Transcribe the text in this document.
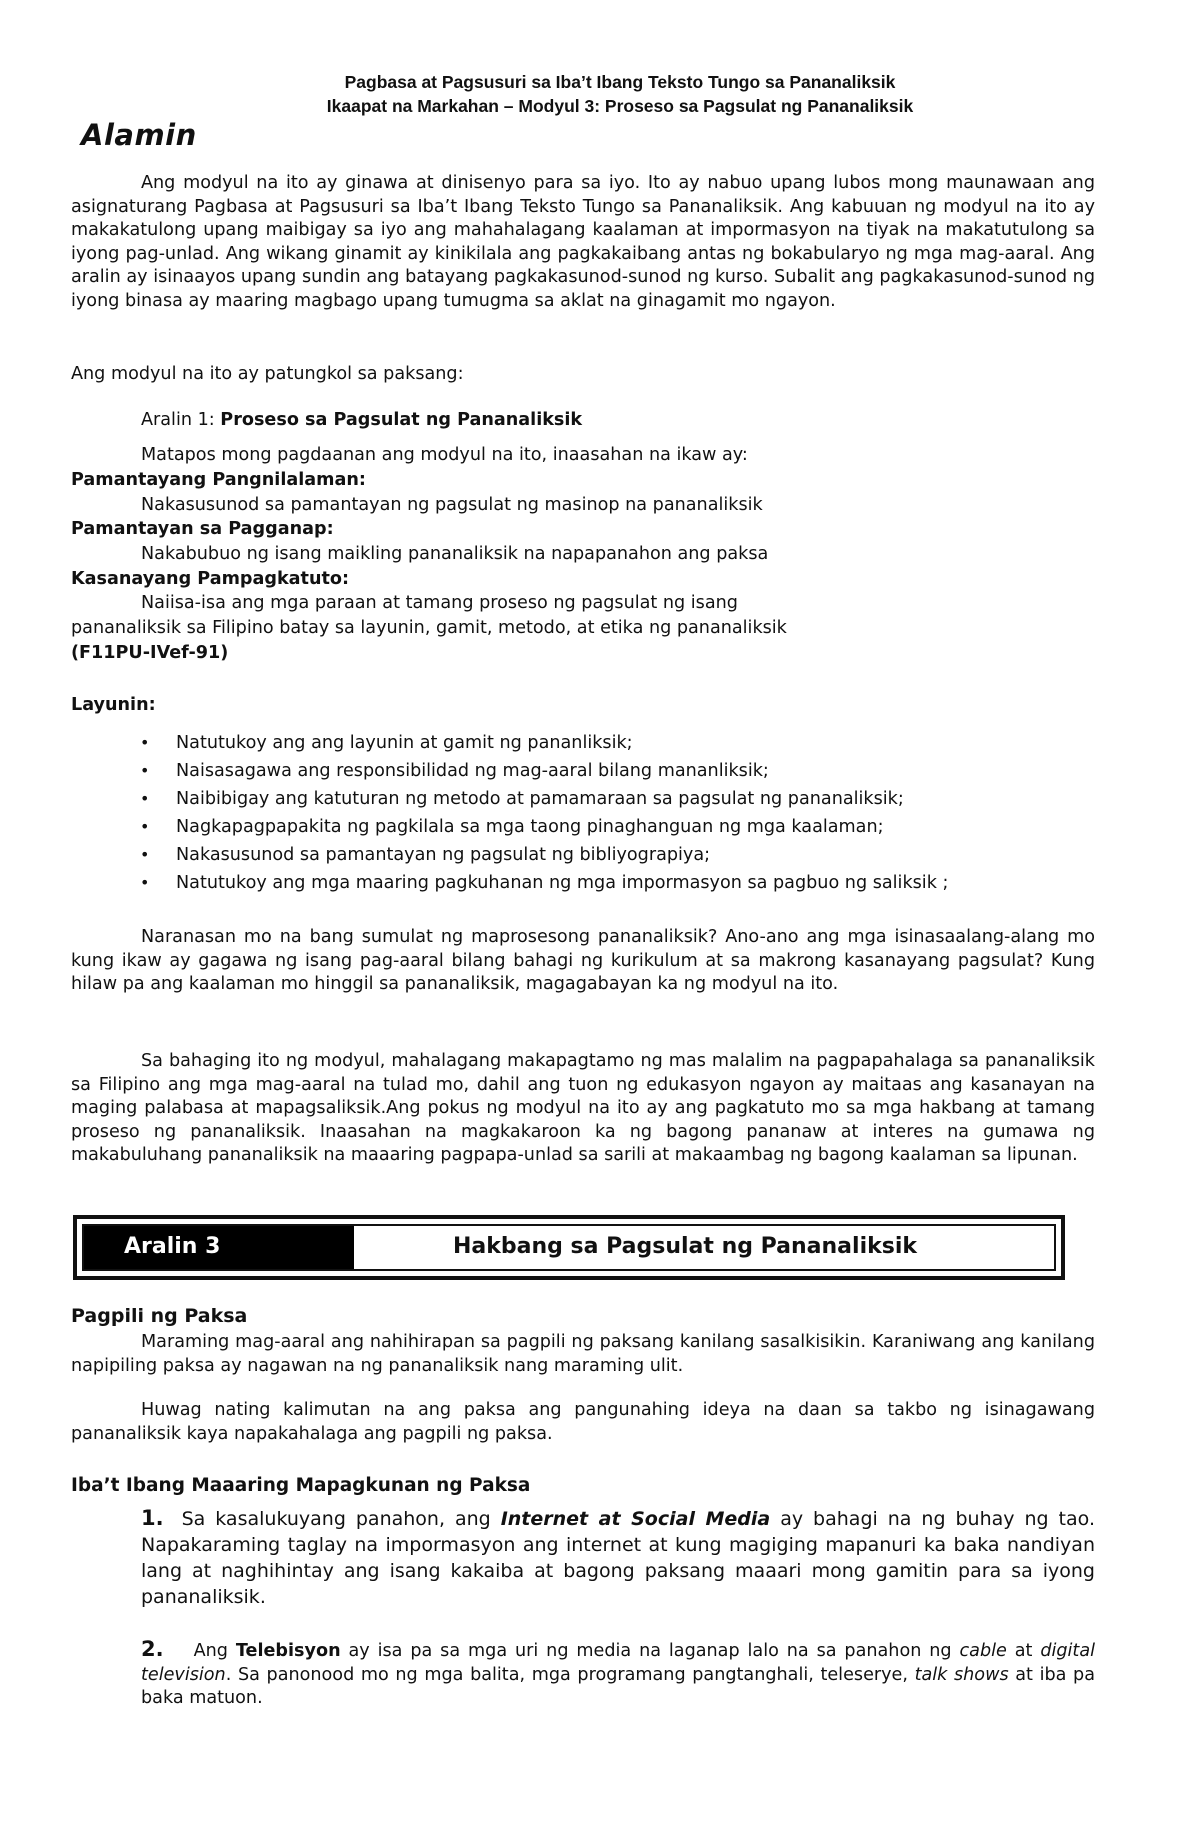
Pagbasa at Pagsusuri sa Iba’t Ibang Teksto Tungo sa Pananaliksik
Ikaapat na Markahan – Modyul 3: Proseso sa Pagsulat ng Pananaliksik
Alamin

Ang modyul na ito ay ginawa at dinisenyo para sa iyo. Ito ay nabuo upang lubos mong maunawaan ang asignaturang Pagbasa at Pagsusuri sa Iba’t Ibang Teksto Tungo sa Pananaliksik. Ang kabuuan ng modyul na ito ay makakatulong upang maibigay sa iyo ang mahahalagang kaalaman at impormasyon na tiyak na makatutulong sa iyong pag-unlad. Ang wikang ginamit ay kinikilala ang pagkakaibang antas ng bokabularyo ng mga mag-aaral. Ang aralin ay isinaayos upang sundin ang batayang pagkakasunod-sunod ng kurso. Subalit ang pagkakasunod-sunod ng iyong binasa ay maaring magbago upang tumugma sa aklat na ginagamit mo ngayon.

Ang modyul na ito ay patungkol sa paksang:
Aralin 1: Proseso sa Pagsulat ng Pananaliksik
Matapos mong pagdaanan ang modyul na ito, inaasahan na ikaw ay:
Pamantayang Pangnilalaman:
Nakasusunod sa pamantayan ng pagsulat ng masinop na pananaliksik
Pamantayan sa Pagganap:
Nakabubuo ng isang maikling pananaliksik na napapanahon ang paksa
Kasanayang Pampagkatuto:
Naiisa-isa ang mga paraan at tamang proseso ng pagsulat ng isang
pananaliksik sa Filipino batay sa layunin, gamit, metodo, at etika ng pananaliksik
(F11PU-IVef-91)
Layunin:
• Natutukoy ang ang layunin at gamit ng pananliksik;
• Naisasagawa ang responsibilidad ng mag-aaral bilang mananliksik;
• Naibibigay ang katuturan ng metodo at pamamaraan sa pagsulat ng pananaliksik;
• Nagkapagpapakita ng pagkilala sa mga taong pinaghanguan ng mga kaalaman;
• Nakasusunod sa pamantayan ng pagsulat ng bibliyograpiya;
• Natutukoy ang mga maaring pagkuhanan ng mga impormasyon sa pagbuo ng saliksik ;

Naranasan mo na bang sumulat ng maprosesong pananaliksik? Ano-ano ang mga isinasaalang-alang mo kung ikaw ay gagawa ng isang pag-aaral bilang bahagi ng kurikulum at sa makrong kasanayang pagsulat? Kung hilaw pa ang kaalaman mo hinggil sa pananaliksik, magagabayan ka ng modyul na ito.

Sa bahaging ito ng modyul, mahalagang makapagtamo ng mas malalim na pagpapahalaga sa pananaliksik sa Filipino ang mga mag-aaral na tulad mo, dahil ang tuon ng edukasyon ngayon ay maitaas ang kasanayan na maging palabasa at mapagsaliksik.Ang pokus ng modyul na ito ay ang pagkatuto mo sa mga hakbang at tamang proseso ng pananaliksik. Inaasahan na magkakaroon ka ng bagong pananaw at interes na gumawa ng makabuluhang pananaliksik na maaaring pagpapa-unlad sa sarili at makaambag ng bagong kaalaman sa lipunan.

Aralin 3	Hakbang sa Pagsulat ng Pananaliksik
Pagpili ng Paksa

Maraming mag-aaral ang nahihirapan sa pagpili ng paksang kanilang sasalkisikin. Karaniwang ang kanilang napipiling paksa ay nagawan na ng pananaliksik nang maraming ulit.

Huwag nating kalimutan na ang paksa ang pangunahing ideya na daan sa takbo ng isinagawang pananaliksik kaya napakahalaga ang pagpili ng paksa.

Iba’t Ibang Maaaring Mapagkunan ng Paksa

1. Sa kasalukuyang panahon, ang Internet at Social Media ay bahagi na ng buhay ng tao. Napakaraming taglay na impormasyon ang internet at kung magiging mapanuri ka baka nandiyan lang at naghihintay ang isang kakaiba at bagong paksang maaari mong gamitin para sa iyong pananaliksik.

2. Ang Telebisyon ay isa pa sa mga uri ng media na laganap lalo na sa panahon ng cable at digital television. Sa panonood mo ng mga balita, mga programang pangtanghali, teleserye, talk shows at iba pa baka matuon.
